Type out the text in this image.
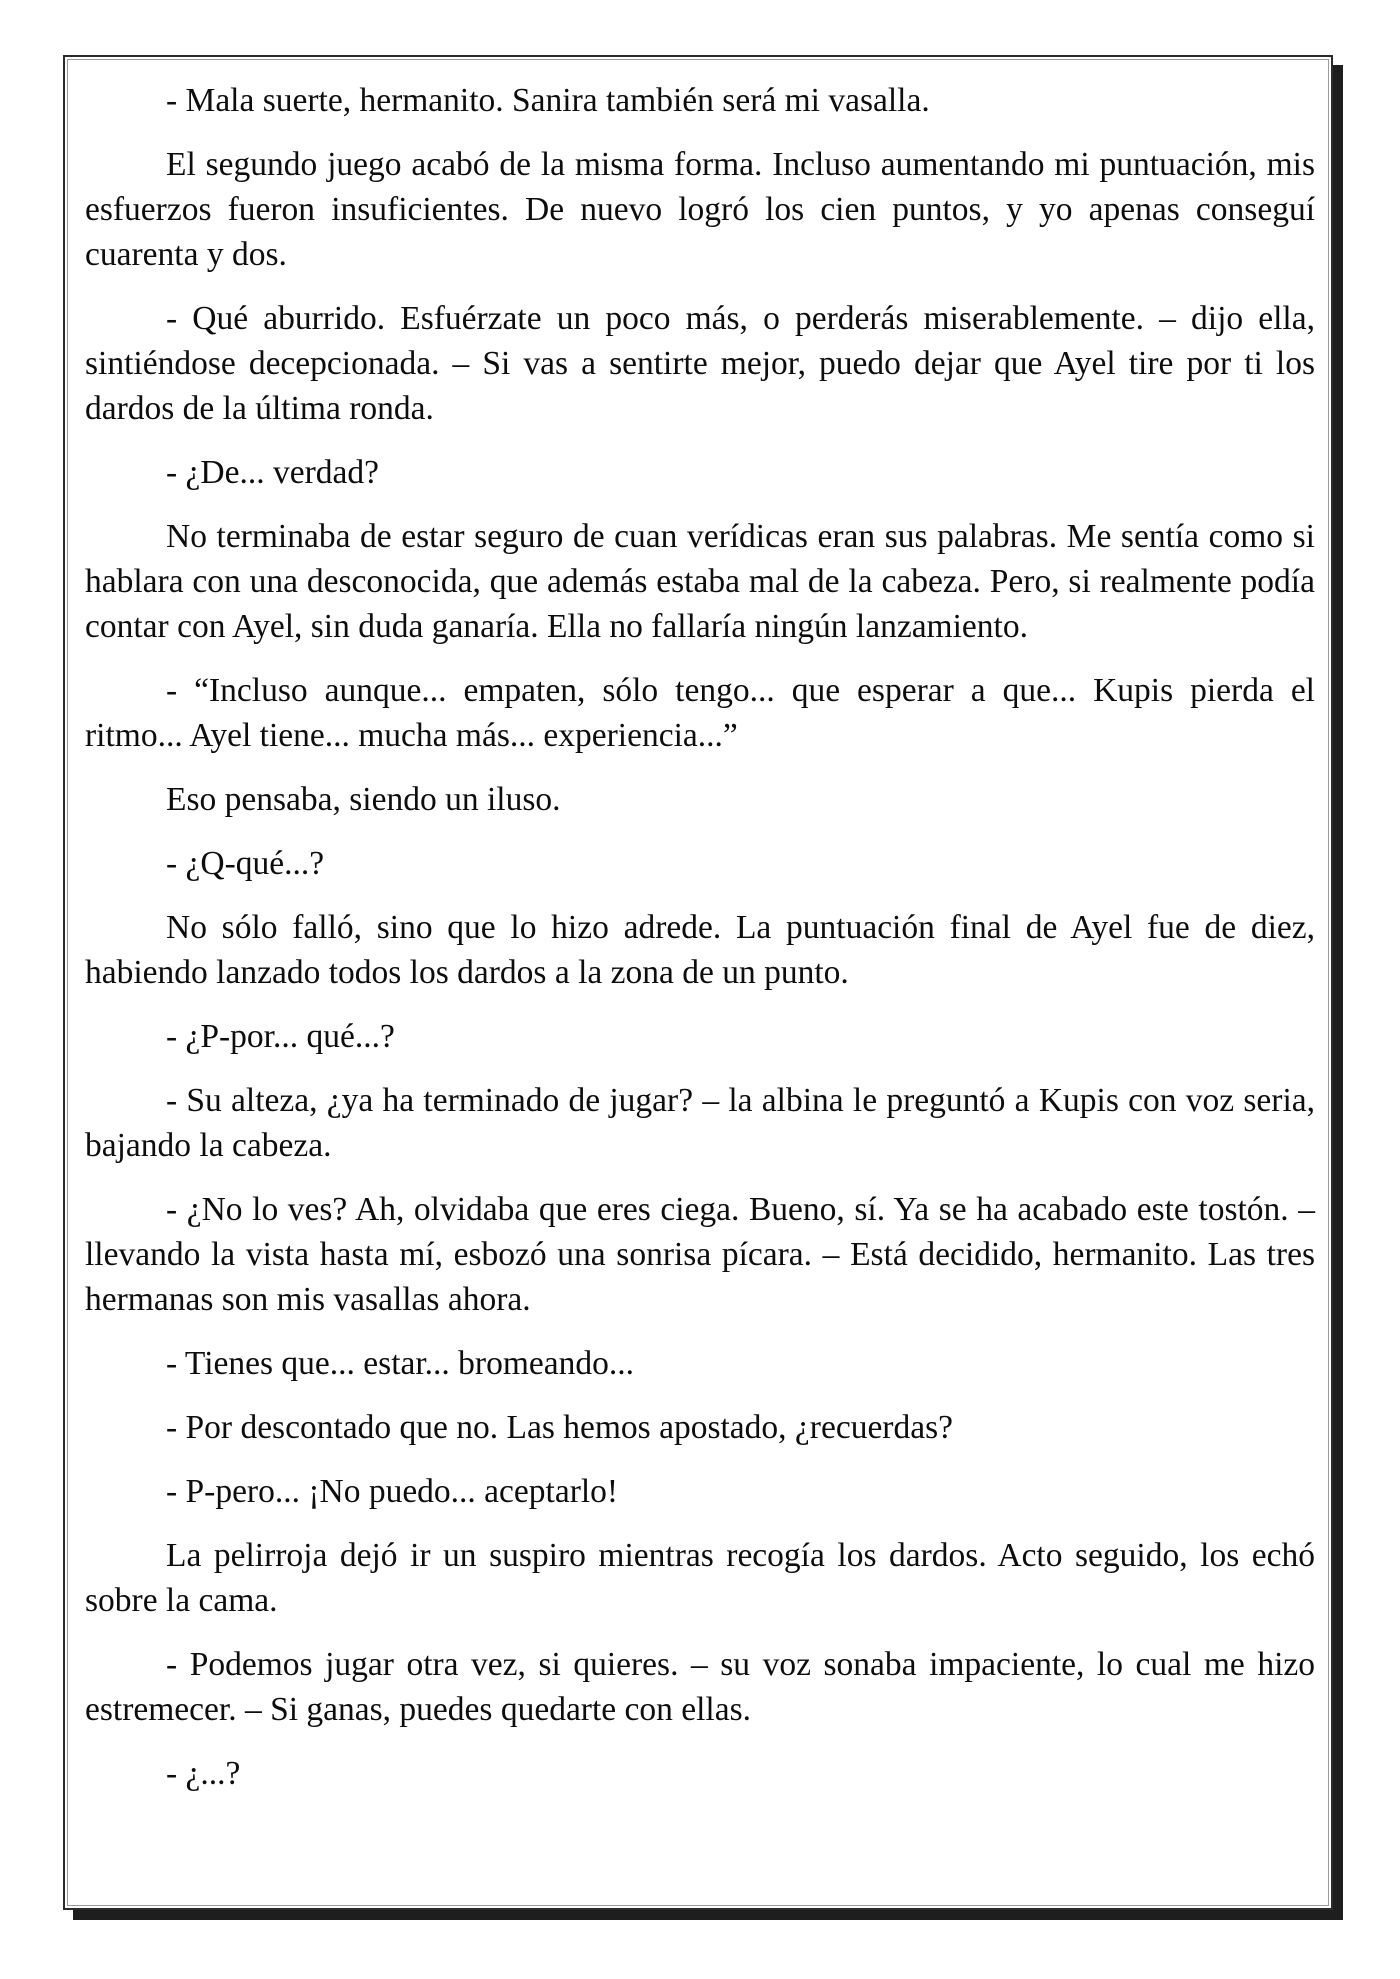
- Mala suerte, hermanito. Sanira también será mi vasalla.

El segundo juego acabó de la misma forma. Incluso aumentando mi puntuación, mis esfuerzos fueron insuficientes. De nuevo logró los cien puntos, y yo apenas conseguí cuarenta y dos.

- Qué aburrido. Esfuérzate un poco más, o perderás miserablemente. – dijo ella, sintiéndose decepcionada. – Si vas a sentirte mejor, puedo dejar que Ayel tire por ti los dardos de la última ronda.

- ¿De... verdad?

No terminaba de estar seguro de cuan verídicas eran sus palabras. Me sentía como si hablara con una desconocida, que además estaba mal de la cabeza. Pero, si realmente podía contar con Ayel, sin duda ganaría. Ella no fallaría ningún lanzamiento.

- “Incluso aunque... empaten, sólo tengo... que esperar a que... Kupis pierda el ritmo... Ayel tiene... mucha más... experiencia...”

Eso pensaba, siendo un iluso.

- ¿Q-qué...?

No sólo falló, sino que lo hizo adrede. La puntuación final de Ayel fue de diez, habiendo lanzado todos los dardos a la zona de un punto.

- ¿P-por... qué...?

- Su alteza, ¿ya ha terminado de jugar? – la albina le preguntó a Kupis con voz seria, bajando la cabeza.

- ¿No lo ves? Ah, olvidaba que eres ciega. Bueno, sí. Ya se ha acabado este tostón. – llevando la vista hasta mí, esbozó una sonrisa pícara. – Está decidido, hermanito. Las tres hermanas son mis vasallas ahora.

- Tienes que... estar... bromeando...

- Por descontado que no. Las hemos apostado, ¿recuerdas?

- P-pero... ¡No puedo... aceptarlo!

La pelirroja dejó ir un suspiro mientras recogía los dardos. Acto seguido, los echó sobre la cama.

- Podemos jugar otra vez, si quieres. – su voz sonaba impaciente, lo cual me hizo estremecer. – Si ganas, puedes quedarte con ellas.

- ¿...?
